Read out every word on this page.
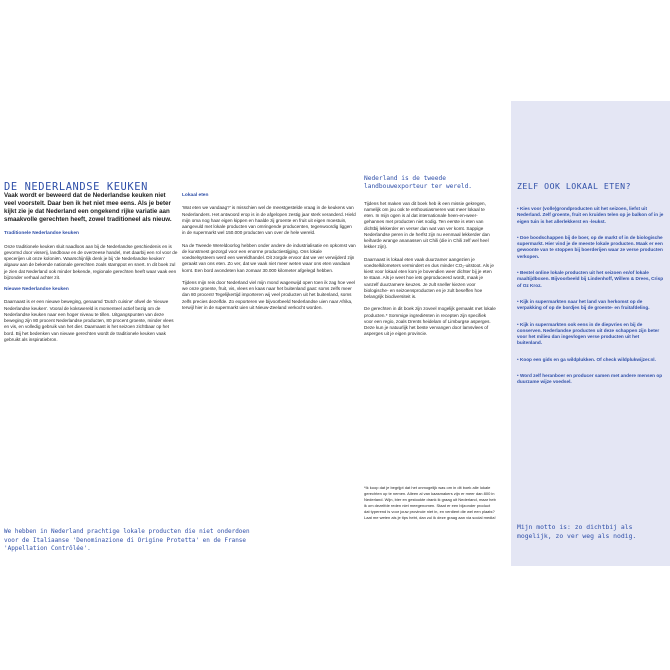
DE NEDERLANDSE KEUKEN

Vaak wordt er beweerd dat de Nederlandse keuken niet veel voorstelt. Daar ben ik het niet mee eens. Als je beter kijkt zie je dat Nederland een ongekend rijke variatie aan smaakvolle gerechten heeft, zowel traditioneel als nieuw.

Traditionele Nederlandse keuken

Onze traditionele keuken sluit naadloos aan bij de Nederlandse geschiedenis en is gevormd door visserij, landbouw en de overzeese handel, met daarbij een rol voor de specerijen uit onze koloniën. Waarschijnlijk denk je bij 'de Nederlandse keuken' algauw aan de bekende nationale gerechten zoals stamppot en snert. In dit boek zul je zien dat Nederland ook minder bekende, regionale gerechten heeft waar vaak een bijzonder verhaal achter zit.

Nieuwe Nederlandse keuken

Daarnaast is er een nieuwe beweging, genaamd 'Dutch cuisine' ofwel de 'nieuwe Nederlandse keuken'. Vooral de kokswereld is momenteel actief bezig om de Nederlandse keuken naar een hoger niveau te tillen. Uitgangspunten van deze beweging zijn 80 procent Nederlandse producten, 80 procent groente, minder vlees en vis, en volledig gebruik van het dier. Daarnaast is het seizoen zichtbaar op het bord. Bij het bedenken van nieuwe gerechten wordt de traditionele keuken vaak gebruikt als inspiratiebron.

Lokaal eten

'Wat eten we vandaag?' is misschien wel de meestgestelde vraag in de keukens van Nederlanders. Het antwoord erop is in de afgelopen zestig jaar sterk veranderd. Hield mijn oma nog haar eigen kippen en haalde zij groente en fruit uit eigen moestuin, aangevuld met lokale producten van omringende producenten, tegenwoordig liggen in de supermarkt wel 150.000 producten van over de hele wereld.

Na de Tweede Wereldoorlog hebben onder andere de industrialisatie en opkomst van de kunstmest gezorgd voor een enorme productiestijging. Ons lokale voedselsysteem werd een wereldhandel. Dit zorgde ervoor dat we ver verwijderd zijn geraakt van ons eten. Zo ver, dat we vaak niet meer weten waar ons eten vandaan komt. Een bord avondeten kan zomaar 30.000 kilometer afgelegd hebben.

Tijdens mijn reis door Nederland viel mijn mond wagenwijd open toen ik zag hoe veel we onze groente, fruit, vis, vlees en kaas naar het buitenland gaat: soms zelfs meer dan 80 procent! Tegelijkertijd importeren wij veel producten uit het buitenland, soms zelfs precies dezelfde. Zo exporteren we bijvoorbeeld Nederlandse uien naar Afrika, terwijl hier in de supermarkt uien uit Nieuw-Zeeland verkocht worden.

We hebben in Nederland prachtige lokale producten die niet onderdoen voor de Italiaanse 'Denominazione di Origine Protetta' en de Franse 'Appellation Contrôlée'.

Nederland is de tweede landbouwexporteur ter wereld.

Tijdens het maken van dit boek heb ik een missie gekregen, namelijk om jou ook te enthousiasmeren wat meer lokaal te eten. In mijn ogen is al dat internationale heen-en-weer-gehannes met producten niet nodig. Ten eerste is eten van dichtbij lekkerder en verser dan wat van ver komt. Sappige Nederlandse peren in de herfst zijn nu eenmaal lekkerder dan keiharde wrange ananassen uit Chili (die in Chili zelf wel heel lekker zijn).

Daarnaast is lokaal eten vaak duurzamer aangezien je voedselkilometers vermindert en dus minder CO₂-uitstoot. Als je kiest voor lokaal eten kom je bovendien weer dichter bij je eten te staan. Als je weet hoe iets geproduceerd wordt, maak je vanzelf duurzamere keuzes. Je zult sneller kiezen voor biologische- en seizoensproducten en je zult beseffen hoe belangrijk biodiversiteit is.

De gerechten in dit boek zijn zoveel mogelijk gemaakt met lokale producten.* Sommige ingrediënten in recepten zijn specifiek voor een regio, zoals Drents heidelam of Limburgse asperges. Deze kun je natuurlijk het beste vervangen door lamsvlees of asperges uit je eigen provincie.

*Ik koop dat je begrijpt dat het onmogelijk was om in dit boek alle lokale gerechten op te nemen. Alleen al van kaasmakers zijn er meer dan 800 in Nederland. Wijn, bier en gestookte drank ik graag uit Nederland, maar heb ik om dezelfde reden niet meegenomen. Staat er een bijzonder product dat typerend is voor jouw provincie niet in, en verdient die wel een plaats? Laat me weten als je tips hebt, dan zul ik deze graag aan via social media!

ZELF OOK LOKAAL ETEN?
• Kies voor (volle)grondproducten uit het seizoen, liefst uit Nederland. Zelf groente, fruit en kruiden telen op je balkon of in je eigen tuin is het allerlekkerst en -leukst.
• Doe boodschappen bij de boer, op de markt of in de biologische supermarkt. Hier vind je de meeste lokale producten. Maak er een gewoonte van te stoppen bij boerderijen waar ze verse producten verkopen.
• Bestel online lokale producten uit het seizoen en/of lokale maaltijdboxen. Bijvoorbeeld bij Lindenhoff, Willem & Drees, Crisp of Oz Kroz.
• Kijk in supermarkten naar het land van herkomst op de verpakking of op de bordjes bij de groente- en fruitafdeling.
• Kijk in supermarkten ook eens in de diepvries en bij de conserven. Nederlandse producten uit deze schappen zijn beter voor het milieu dan ingevlogen verse producten uit het buitenland.
• Koop een gids en ga wildplukken. Of check wildplukwijzer.nl.
• Word zelf heranboer en producer samen met andere mensen op duurzame wijze voedsel.

Mijn motto is: zo dichtbij als mogelijk, zo ver weg als nodig.
